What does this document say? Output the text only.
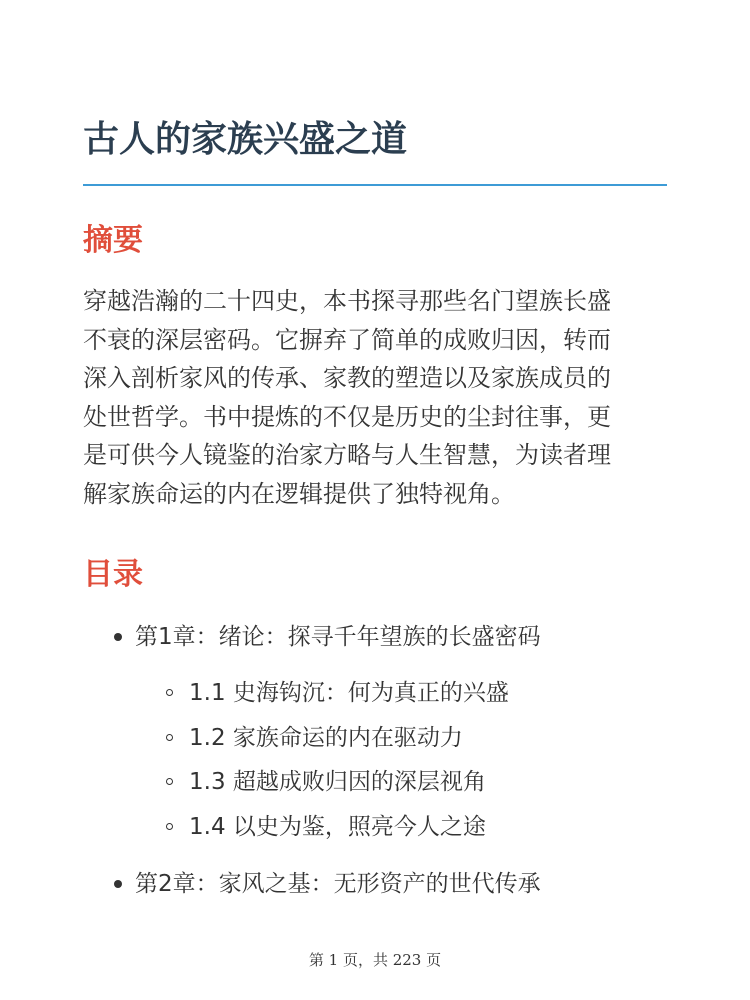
古人的家族兴盛之道
摘要

穿越浩瀚的二十四史，本书探寻那些名门望族长盛
不衰的深层密码。它摒弃了简单的成败归因，转而
深入剖析家风的传承、家教的塑造以及家族成员的
处世哲学。书中提炼的不仅是历史的尘封往事，更
是可供今人镜鉴的治家方略与人生智慧，为读者理
解家族命运的内在逻辑提供了独特视角。

目录
第1章：绪论：探寻千年望族的长盛密码
1.1 史海钩沉：何为真正的兴盛
1.2 家族命运的内在驱动力
1.3 超越成败归因的深层视角
1.4 以史为鉴，照亮今人之途
第2章：家风之基：无形资产的世代传承
第 1 页，共 223 页
